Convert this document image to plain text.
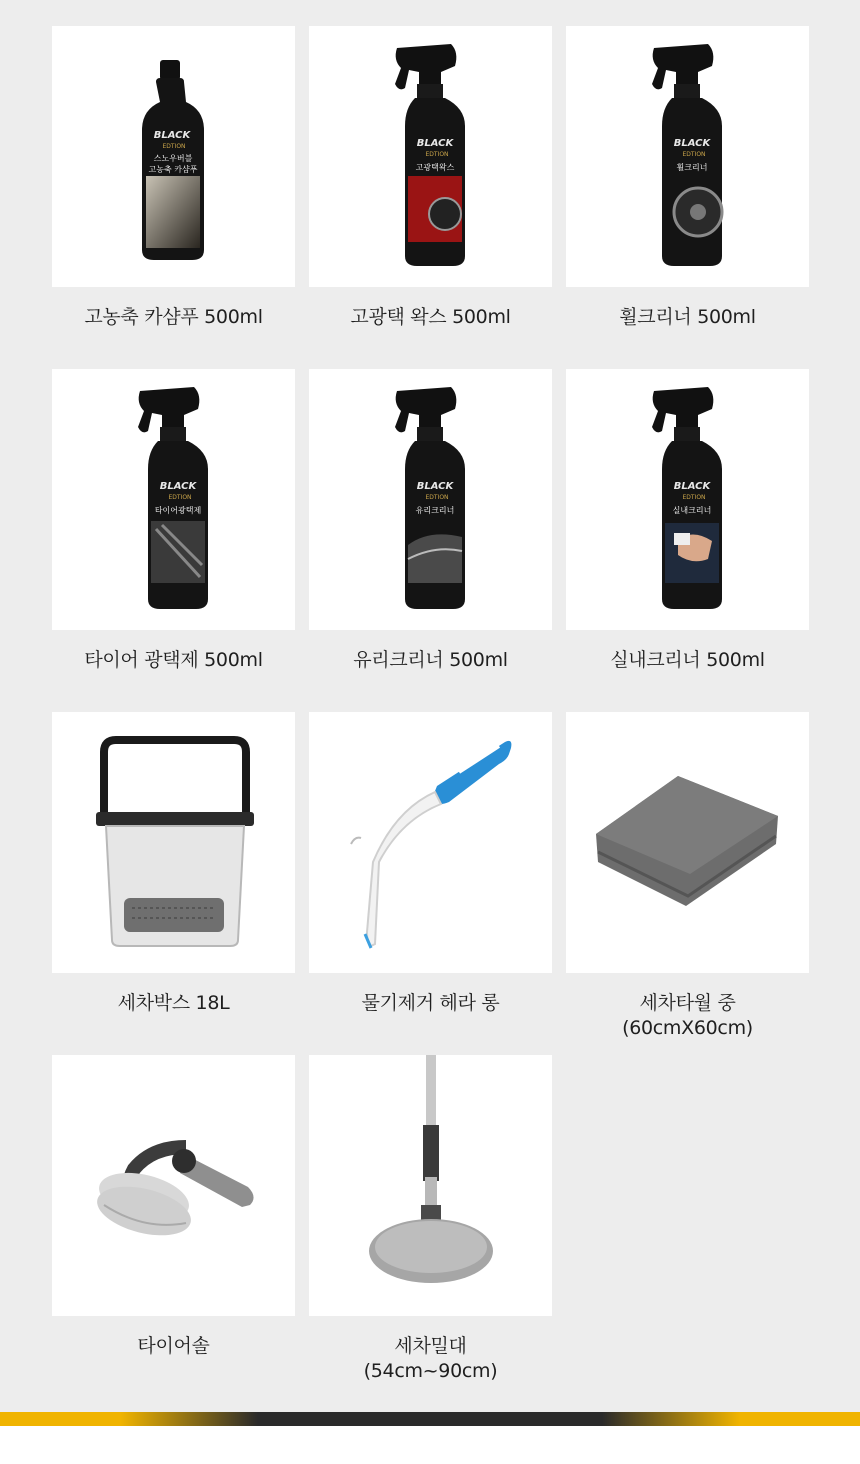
BLACK
EDTION
스노우버블
고농축 카샴푸
고농축 카샴푸 500ml
BLACK
EDTION
고광택왁스
고광택 왁스 500ml
BLACK
EDTION
휠크리너
휠크리너 500ml
BLACK
EDTION
타이어광택제
타이어 광택제 500ml
BLACK
EDTION
유리크리너
유리크리너 500ml
BLACK
EDTION
실내크리너
실내크리너 500ml
세차박스 18L	물기제거 헤라 롱	세차타월 중
(60cmX60cm)
타이어솔	세차밀대
(54cm~90cm)
